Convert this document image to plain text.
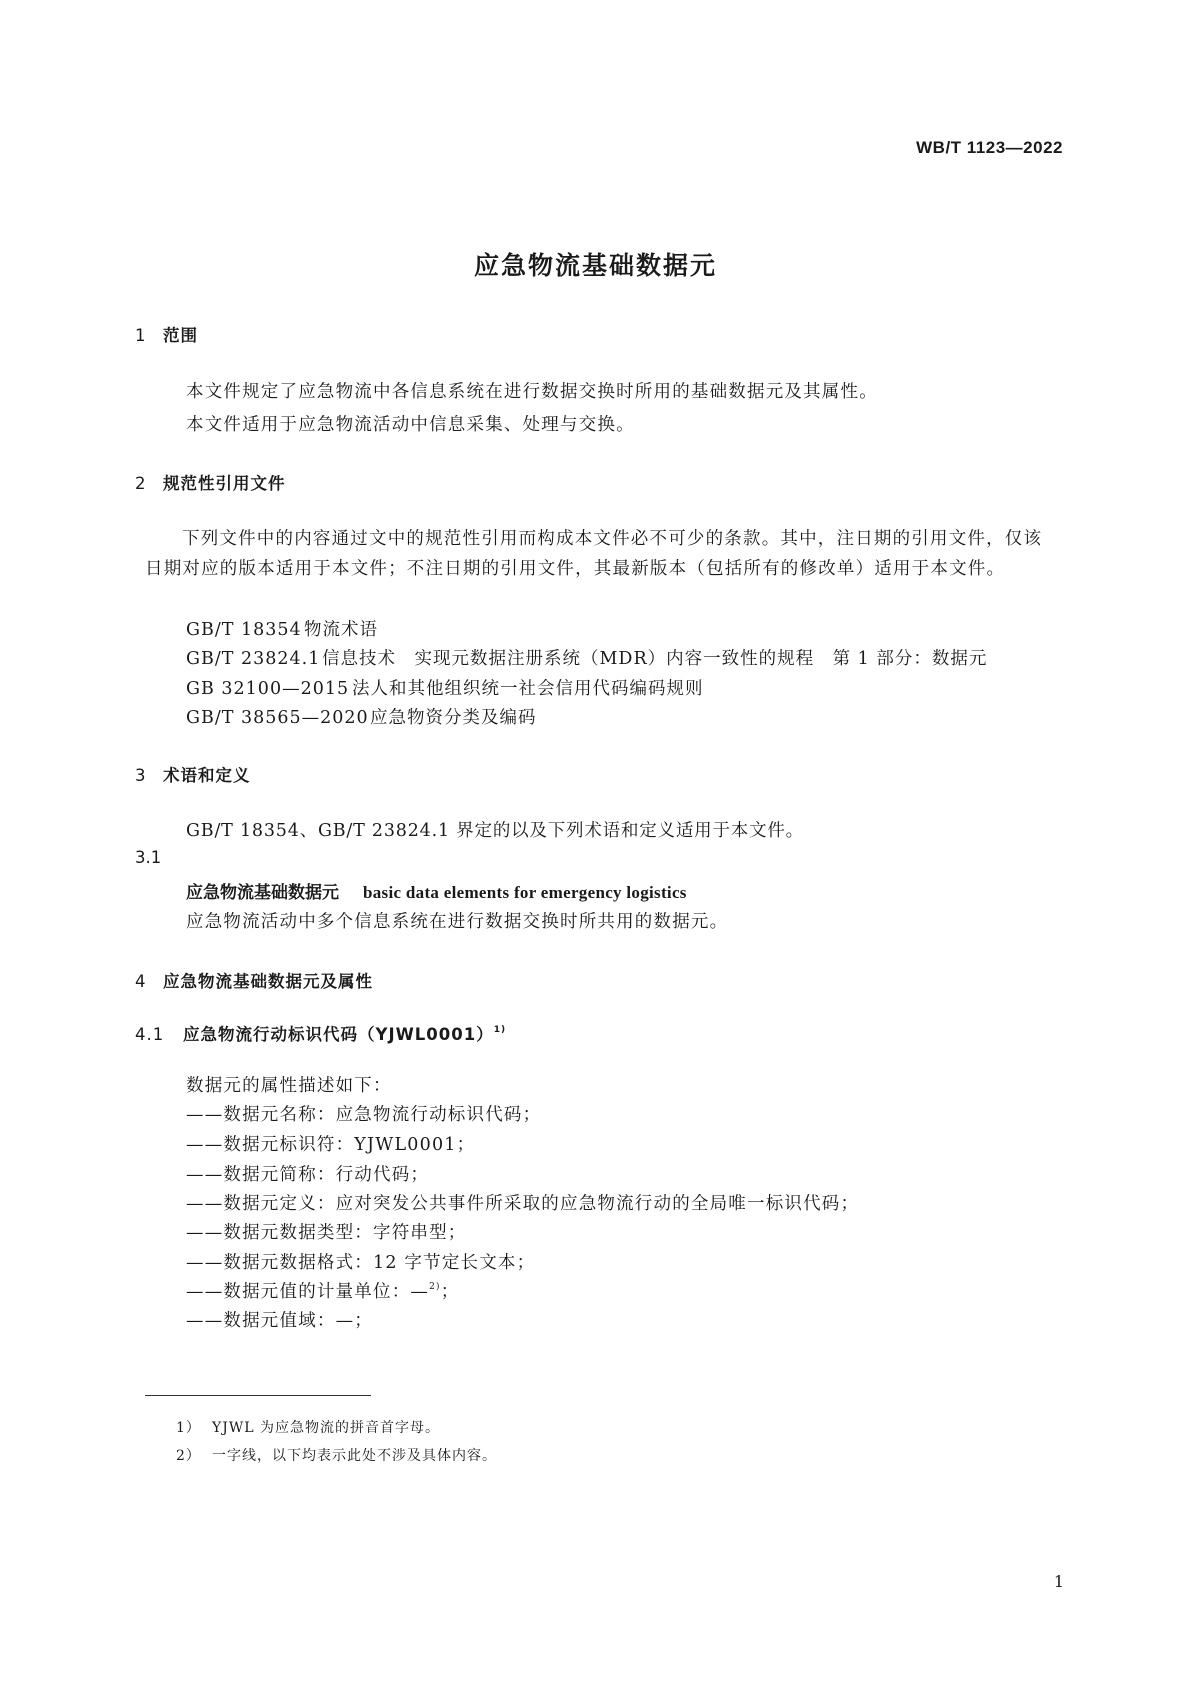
WB/T 1123—2022
应急物流基础数据元
1 范围
本文件规定了应急物流中各信息系统在进行数据交换时所用的基础数据元及其属性。
本文件适用于应急物流活动中信息采集、处理与交换。
2 规范性引用文件
下列文件中的内容通过文中的规范性引用而构成本文件必不可少的条款。其中，注日期的引用文件，仅该日期对应的版本适用于本文件；不注日期的引用文件，其最新版本（包括所有的修改单）适用于本文件。
GB/T 18354 物流术语
GB/T 23824.1信息技术　实现元数据注册系统（MDR）内容一致性的规程　第 1 部分：数据元
GB 32100—2015 法人和其他组织统一社会信用代码编码规则
GB/T 38565—2020应急物资分类及编码
3 术语和定义
GB/T 18354、GB/T 23824.1 界定的以及下列术语和定义适用于本文件。
3.1
应急物流基础数据元 basic data elements for emergency logistics
应急物流活动中多个信息系统在进行数据交换时所共用的数据元。
4 应急物流基础数据元及属性
4.1 应急物流行动标识代码（YJWL0001）$^{1)}$
数据元的属性描述如下：
——数据元名称：应急物流行动标识代码；
——数据元标识符：YJWL0001；
——数据元简称：行动代码；
——数据元定义：应对突发公共事件所采取的应急物流行动的全局唯一标识代码；
——数据元数据类型：字符串型；
——数据元数据格式：12 字节定长文本；
——数据元值的计量单位：—$^{2)}$；
——数据元值域：—；
1） YJWL 为应急物流的拼音首字母。
2） 一字线，以下均表示此处不涉及具体内容。
1
